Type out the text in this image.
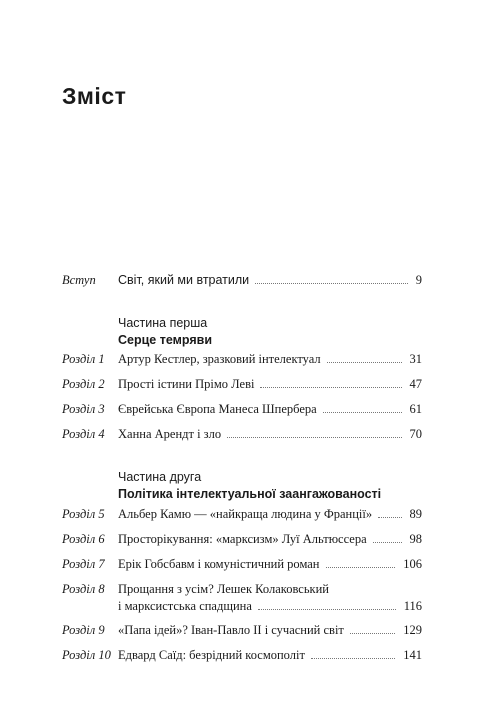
Зміст
Вступ	Світ, який ми втратили	9
Частина перша
Серце темряви
Розділ 1	Артур Кестлер, зразковий інтелектуал	31
Розділ 2	Прості істини Прімо Леві	47
Розділ 3	Єврейська Європа Манеса Шпербера	61
Розділ 4	Ханна Арендт і зло	70
Частина друга
Політика інтелектуальної заангажованості
Розділ 5	Альбер Камю — «найкраща людина у Франції»	89
Розділ 6	Просторікування: «марксизм» Луї Альтюссера	98
Розділ 7	Ерік Гобсбавм і комуністичний роман	106
Розділ 8	Прощання з усім? Лешек Колаковський
і марксистська спадщина	116
Розділ 9	«Папа ідей»? Іван-Павло II і сучасний світ	129
Розділ 10 Едвард Саїд: безрідний космополіт	141
